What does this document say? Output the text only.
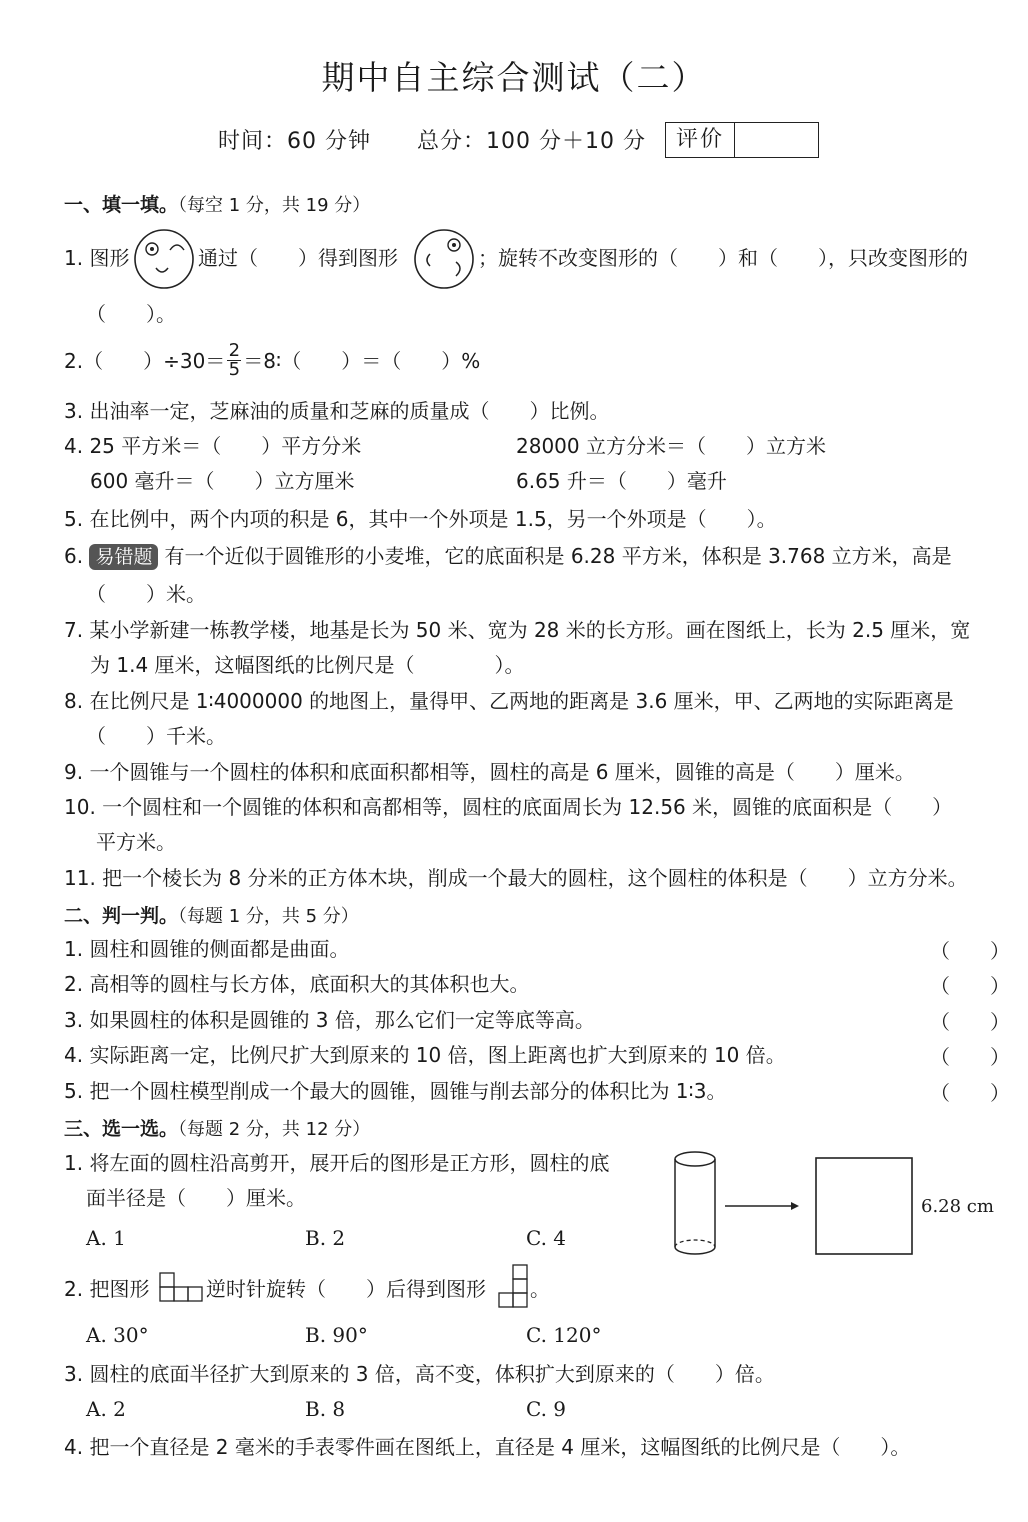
期中自主综合测试（二）
时间：60 分钟 总分：100 分＋10 分	评价
一、填一填。（每空 1 分，共 19 分）
1. 图形	通过（　　）得到图形	；旋转不改变图形的（　　）和（　　），只改变图形的
（　　）。
2.（　　）$\div 30= \frac{2}{5}$ ＝8∶（　　）＝（　　）%
3. 出油率一定，芝麻油的质量和芝麻的质量成（　　）比例。
4. 25 平方米＝（　　）平方分米	28000 立方分米＝（　　）立方米
600 毫升＝（　　）立方厘米	6.65 升＝（　　）毫升
5. 在比例中，两个内项的积是 6，其中一个外项是 1.5，另一个外项是（　　）。
6. 易错题 有一个近似于圆锥形的小麦堆，它的底面积是 6.28 平方米，体积是 3.768 立方米，高是
（　　）米。
7. 某小学新建一栋教学楼，地基是长为 50 米、宽为 28 米的长方形。画在图纸上，长为 2.5 厘米，宽
为 1.4 厘米，这幅图纸的比例尺是（　　　　）。
8. 在比例尺是 1∶4000000 的地图上，量得甲、乙两地的距离是 3.6 厘米，甲、乙两地的实际距离是
（　　）千米。
9. 一个圆锥与一个圆柱的体积和底面积都相等，圆柱的高是 6 厘米，圆锥的高是（　　）厘米。
10. 一个圆柱和一个圆锥的体积和高都相等，圆柱的底面周长为 12.56 米，圆锥的底面积是（　　）
平方米。
11. 把一个棱长为 8 分米的正方体木块，削成一个最大的圆柱，这个圆柱的体积是（　　）立方分米。
二、判一判。（每题 1 分，共 5 分）
1. 圆柱和圆锥的侧面都是曲面。	（　　）
2. 高相等的圆柱与长方体，底面积大的其体积也大。	（　　）
3. 如果圆柱的体积是圆锥的 3 倍，那么它们一定等底等高。	（　　）
4. 实际距离一定，比例尺扩大到原来的 10 倍，图上距离也扩大到原来的 10 倍。	（　　）
5. 把一个圆柱模型削成一个最大的圆锥，圆锥与削去部分的体积比为 1∶3。	（　　）
三、选一选。（每题 2 分，共 12 分）
1. 将左面的圆柱沿高剪开，展开后的图形是正方形，圆柱的底
面半径是（　　）厘米。
A. 1	B. 2	C. 4
6.28 cm
2. 把图形	逆时针旋转（　　）后得到图形 。
A. 30°	B. 90°	C. 120°
3. 圆柱的底面半径扩大到原来的 3 倍，高不变，体积扩大到原来的（　　）倍。
A. 2	B. 8	C. 9
4. 把一个直径是 2 毫米的手表零件画在图纸上，直径是 4 厘米，这幅图纸的比例尺是（　　）。
